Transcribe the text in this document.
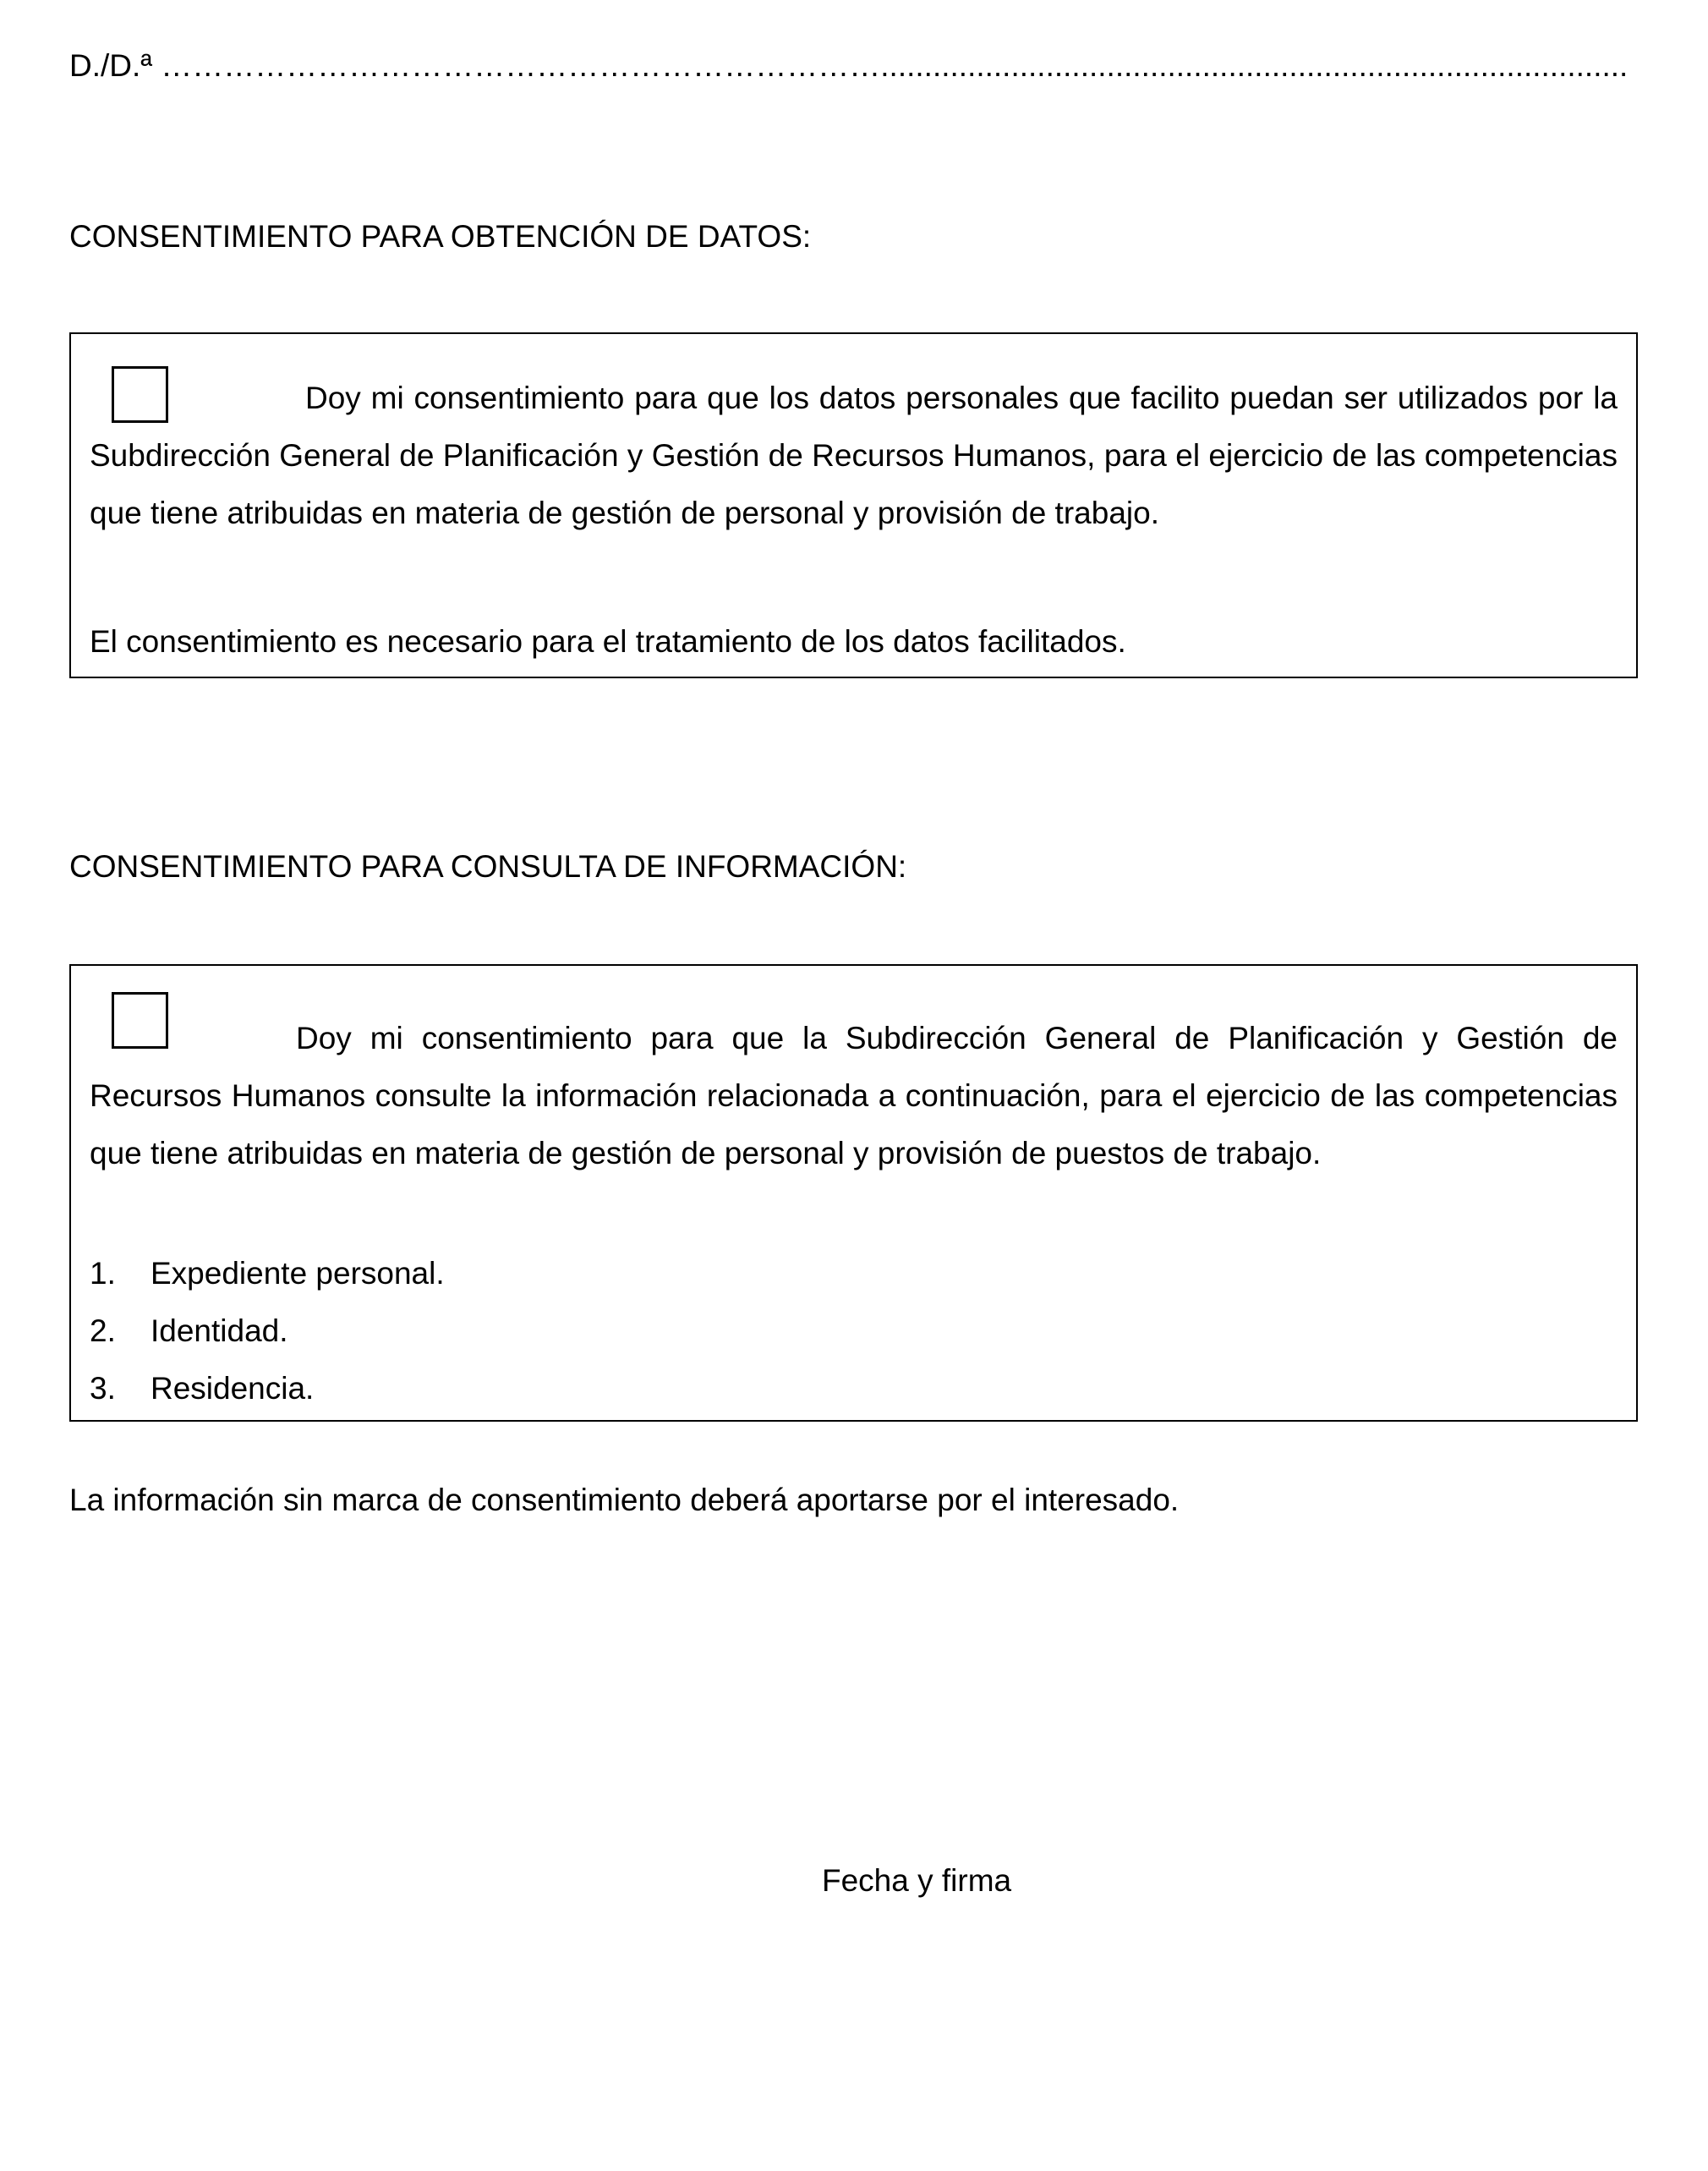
D./D.ª ……………………………………………………………......................................................................................
CONSENTIMIENTO PARA OBTENCIÓN DE DATOS:

Doy mi consentimiento para que los datos personales que facilito puedan ser utilizados por la Subdirección General de Planificación y Gestión de Recursos Humanos, para el ejercicio de las competencias que tiene atribuidas en materia de gestión de personal y provisión de trabajo.

El consentimiento es necesario para el tratamiento de los datos facilitados.

CONSENTIMIENTO PARA CONSULTA DE INFORMACIÓN:

Doy mi consentimiento para que la Subdirección General de Planificación y Gestión de Recursos Humanos consulte la información relacionada a continuación, para el ejercicio de las competencias que tiene atribuidas en materia de gestión de personal y provisión de puestos de trabajo.

1. Expediente personal.
2. Identidad.
3. Residencia.
La información sin marca de consentimiento deberá aportarse por el interesado.
Fecha y firma
